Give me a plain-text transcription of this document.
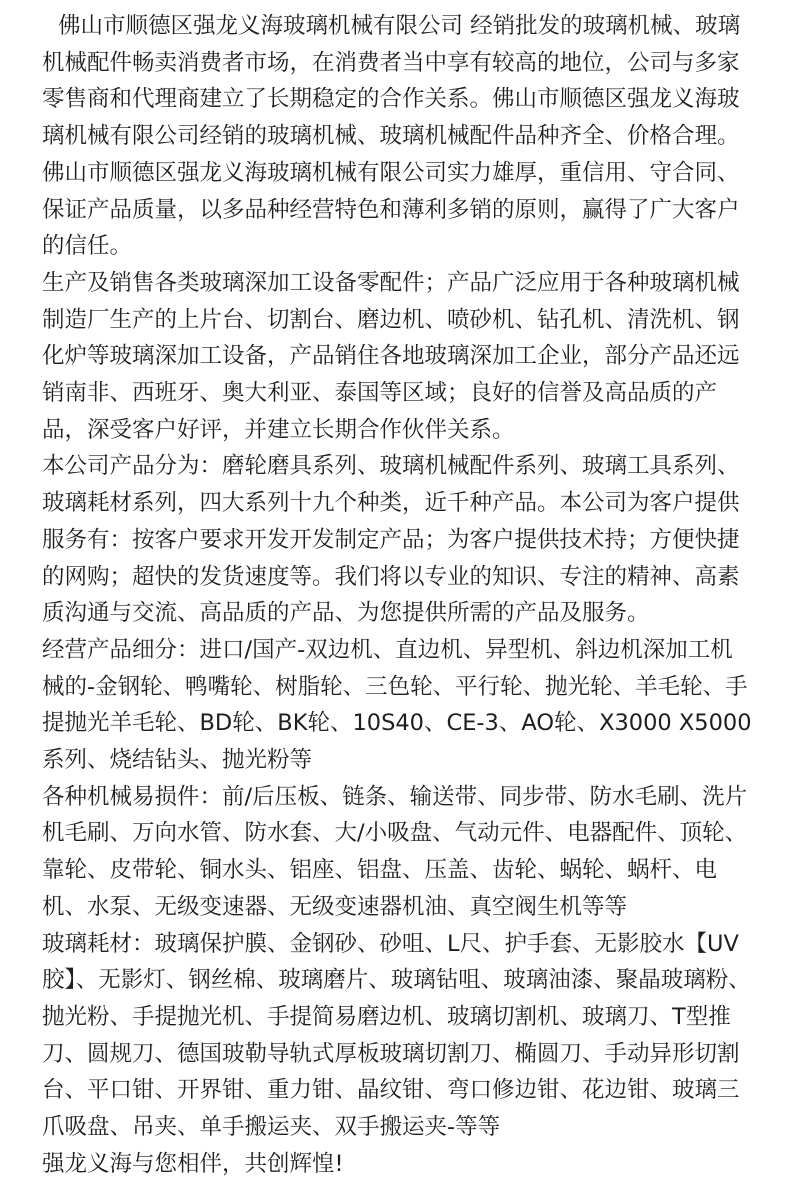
佛山市顺德区强龙义海玻璃机械有限公司 经销批发的玻璃机械、玻璃机械配件畅卖消费者市场，在消费者当中享有较高的地位，公司与多家零售商和代理商建立了长期稳定的合作关系。佛山市顺德区强龙义海玻璃机械有限公司经销的玻璃机械、玻璃机械配件品种齐全、价格合理。佛山市顺德区强龙义海玻璃机械有限公司实力雄厚，重信用、守合同、保证产品质量，以多品种经营特色和薄利多销的原则，赢得了广大客户的信任。

生产及销售各类玻璃深加工设备零配件；产品广泛应用于各种玻璃机械制造厂生产的上片台、切割台、磨边机、喷砂机、钻孔机、清洗机、钢化炉等玻璃深加工设备，产品销住各地玻璃深加工企业，部分产品还远销南非、西班牙、奥大利亚、泰国等区域；良好的信誉及高品质的产品，深受客户好评，并建立长期合作伙伴关系。

本公司产品分为：磨轮磨具系列、玻璃机械配件系列、玻璃工具系列、玻璃耗材系列，四大系列十九个种类，近千种产品。本公司为客户提供服务有：按客户要求开发开发制定产品；为客户提供技术持；方便快捷的网购；超快的发货速度等。我们将以专业的知识、专注的精神、高素质沟通与交流、高品质的产品、为您提供所需的产品及服务。

经营产品细分：进口/国产-双边机、直边机、异型机、斜边机深加工机械的-金钢轮、鸭嘴轮、树脂轮、三色轮、平行轮、抛光轮、羊毛轮、手提抛光羊毛轮、BD轮、BK轮、10S40、CE-3、AO轮、X3000 X5000系列、烧结钻头、抛光粉等

各种机械易损件：前/后压板、链条、输送带、同步带、防水毛刷、洗片机毛刷、万向水管、防水套、大/小吸盘、气动元件、电器配件、顶轮、靠轮、皮带轮、铜水头、铝座、铝盘、压盖、齿轮、蜗轮、蜗杆、电机、水泵、无级变速器、无级变速器机油、真空阀生机等等

玻璃耗材：玻璃保护膜、金钢砂、砂咀、L尺、护手套、无影胶水【UV胶】、无影灯、钢丝棉、玻璃磨片、玻璃钻咀、玻璃油漆、聚晶玻璃粉、抛光粉、手提抛光机、手提简易磨边机、玻璃切割机、玻璃刀、T型推刀、圆规刀、德国玻勒导轨式厚板玻璃切割刀、椭圆刀、手动异形切割台、平口钳、开界钳、重力钳、晶纹钳、弯口修边钳、花边钳、玻璃三爪吸盘、吊夹、单手搬运夹、双手搬运夹-等等

强龙义海与您相伴，共创辉惶!
